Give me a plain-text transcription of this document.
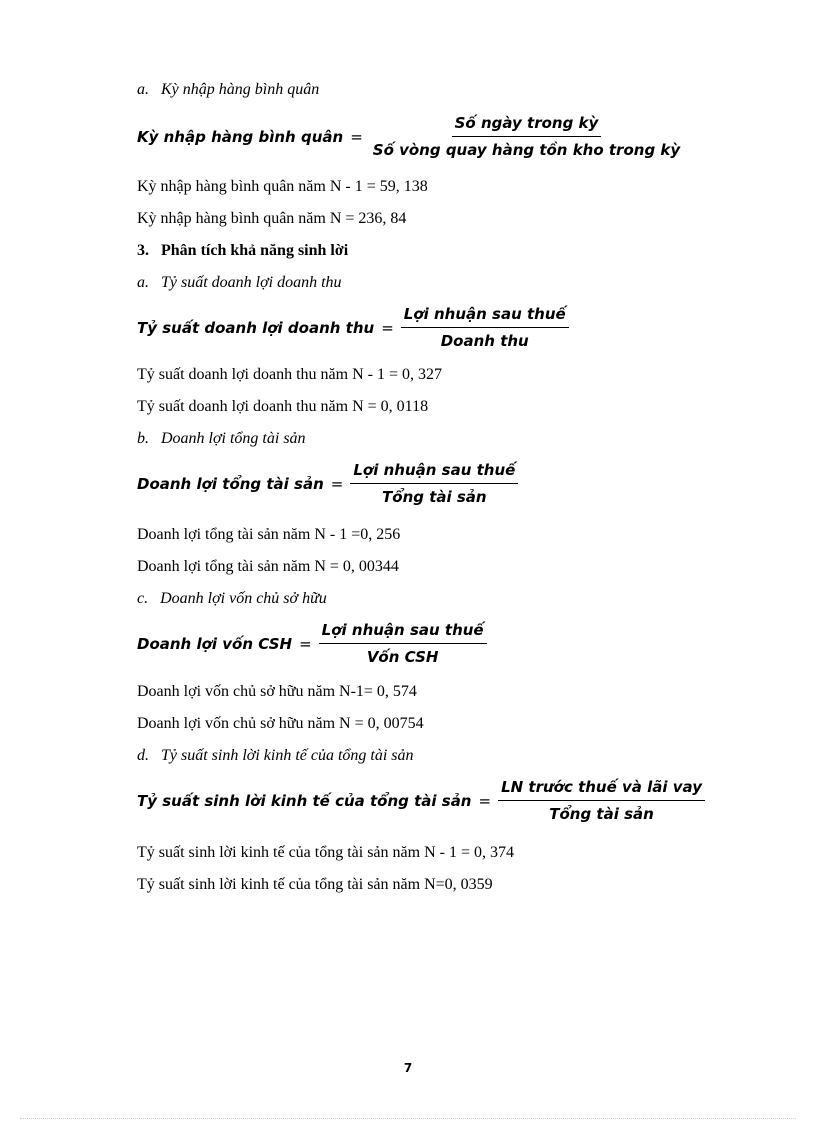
a. Kỳ nhập hàng bình quân
Kỳ nhập hàng bình quân = $\frac{\text{Số ngày trong kỳ}}{\text{Số vòng quay hàng tồn kho trong kỳ}}$
Kỳ nhập hàng bình quân năm N - 1 = 59, 138
Kỳ nhập hàng bình quân năm N = 236, 84
3. Phân tích khả năng sinh lời
a. Tỷ suất doanh lợi doanh thu
Tỷ suất doanh lợi doanh thu = $\frac{\text{Lợi nhuận sau thuế}}{\text{Doanh thu}}$
Tỷ suất doanh lợi doanh thu năm N - 1 = 0, 327
Tỷ suất doanh lợi doanh thu năm N = 0, 0118
b. Doanh lợi tổng tài sản
Doanh lợi tổng tài sản = $\frac{\text{Lợi nhuận sau thuế}}{\text{Tổng tài sản}}$
Doanh lợi tổng tài sản năm N - 1 =0, 256
Doanh lợi tổng tài sản năm N = 0, 00344
c. Doanh lợi vốn chủ sở hữu
Doanh lợi vốn CSH = $\frac{\text{Lợi nhuận sau thuế}}{\text{Vốn CSH}}$
Doanh lợi vốn chủ sở hữu năm N-1= 0, 574
Doanh lợi vốn chủ sở hữu năm N = 0, 00754
d. Tỷ suất sinh lời kinh tế của tổng tài sản
Tỷ suất sinh lời kinh tế của tổng tài sản = $\frac{\text{LN trước thuế và lãi vay}}{\text{Tổng tài sản}}$
Tỷ suất sinh lời kinh tế của tổng tài sản năm N - 1 = 0, 374
Tỷ suất sinh lời kinh tế của tổng tài sản năm N=0, 0359
7
